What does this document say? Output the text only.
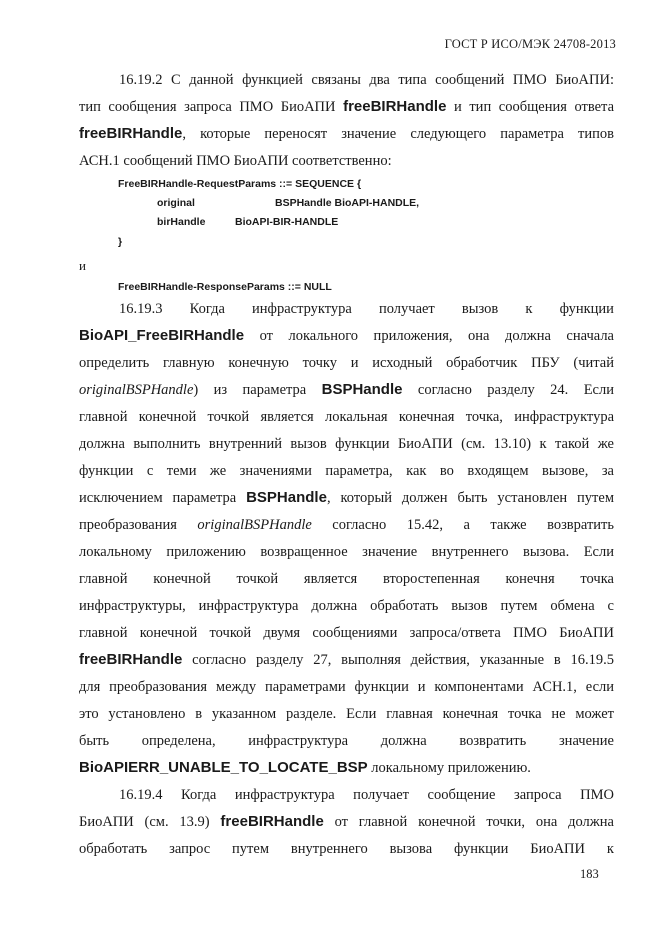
ГОСТ Р ИСО/МЭК 24708-2013
16.19.2 С данной функцией связаны два типа сообщений ПМО БиоАПИ:
тип сообщения запроса ПМО БиоАПИ freeBIRHandle и тип сообщения ответа
freeBIRHandle, которые переносят значение следующего параметра типов
АСН.1 сообщений ПМО БиоАПИ соответственно:
FreeBIRHandle-RequestParams ::= SEQUENCE {
original	BSPHandle BioAPI-HANDLE,
birHandle	BioAPI-BIR-HANDLE
}
и
FreeBIRHandle-ResponseParams ::= NULL
16.19.3 Когда инфраструктура получает вызов к функции
BioAPI_FreeBIRHandle от локального приложения, она должна сначала
определить главную конечную точку и исходный обработчик ПБУ (читай
originalBSPHandle) из параметра BSPHandle согласно разделу 24. Если
главной конечной точкой является локальная конечная точка, инфраструктура
должна выполнить внутренний вызов функции БиоАПИ (см. 13.10) к такой же
функции с теми же значениями параметра, как во входящем вызове, за
исключением параметра BSPHandle, который должен быть установлен путем
преобразования originalBSPHandle согласно 15.42, а также возвратить
локальному приложению возвращенное значение внутреннего вызова. Если
главной конечной точкой является второстепенная конечня точка
инфраструктуры, инфраструктура должна обработать вызов путем обмена с
главной конечной точкой двумя сообщениями запроса/ответа ПМО БиоАПИ
freeBIRHandle согласно разделу 27, выполняя действия, указанные в 16.19.5
для преобразования между параметрами функции и компонентами АСН.1, если
это установлено в указанном разделе. Если главная конечная точка не может
быть определена, инфраструктура должна возвратить значение
BioAPIERR_UNABLE_TO_LOCATE_BSP локальному приложению.
16.19.4 Когда инфраструктура получает сообщение запроса ПМО
БиоАПИ (см. 13.9) freeBIRHandle от главной конечной точки, она должна
обработать запрос путем внутреннего вызова функции БиоАПИ к
183
